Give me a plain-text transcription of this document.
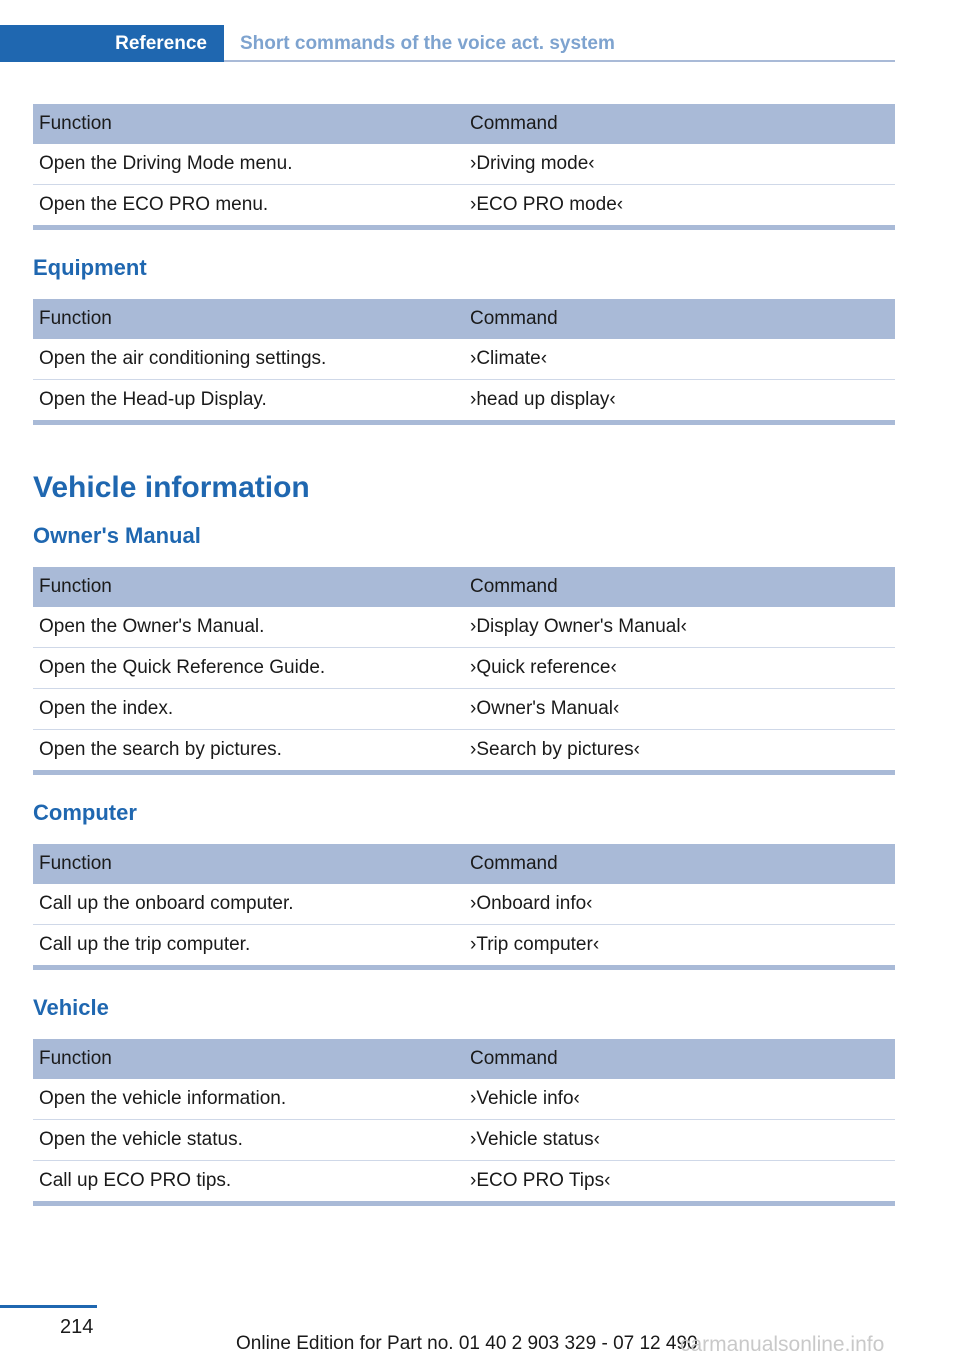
Reference	Short commands of the voice act. system
Function	Command
Open the Driving Mode menu.	›Driving mode‹
Open the ECO PRO menu.	›ECO PRO mode‹
Equipment
Function	Command
Open the air conditioning settings.	›Climate‹
Open the Head-up Display.	›head up display‹
Vehicle information
Owner's Manual
Function	Command
Open the Owner's Manual.	›Display Owner's Manual‹
Open the Quick Reference Guide.	›Quick reference‹
Open the index.	›Owner's Manual‹
Open the search by pictures.	›Search by pictures‹
Computer
Function	Command
Call up the onboard computer.	›Onboard info‹
Call up the trip computer.	›Trip computer‹
Vehicle
Function	Command
Open the vehicle information.	›Vehicle info‹
Open the vehicle status.	›Vehicle status‹
Call up ECO PRO tips.	›ECO PRO Tips‹
214
Online Edition for Part no. 01 40 2 903 329 - 07 12 490
carmanualsonline.info
